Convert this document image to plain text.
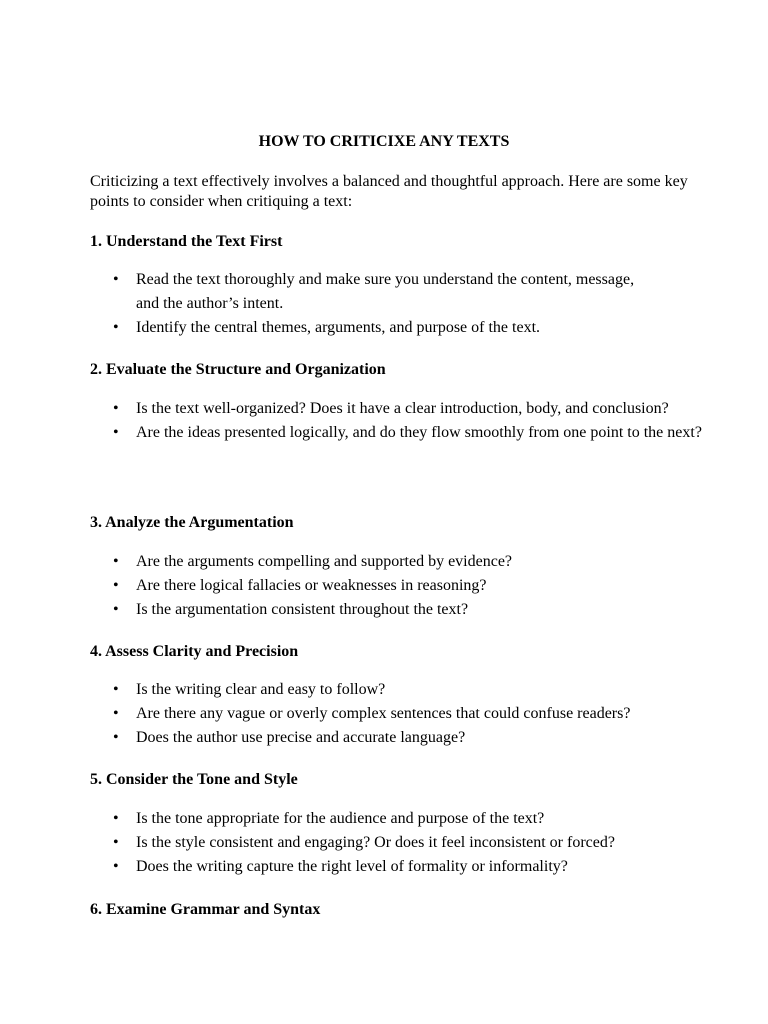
HOW TO CRITICIXE ANY TEXTS

Criticizing a text effectively involves a balanced and thoughtful approach. Here are some key points to consider when critiquing a text:

1. Understand the Text First
• Read the text thoroughly and make sure you understand the content, message, and the author’s intent.
• Identify the central themes, arguments, and purpose of the text.
2. Evaluate the Structure and Organization
• Is the text well-organized? Does it have a clear introduction, body, and conclusion?
• Are the ideas presented logically, and do they flow smoothly from one point to the next?
3. Analyze the Argumentation
• Are the arguments compelling and supported by evidence?
• Are there logical fallacies or weaknesses in reasoning?
• Is the argumentation consistent throughout the text?
4. Assess Clarity and Precision
• Is the writing clear and easy to follow?
• Are there any vague or overly complex sentences that could confuse readers?
• Does the author use precise and accurate language?
5. Consider the Tone and Style
• Is the tone appropriate for the audience and purpose of the text?
• Is the style consistent and engaging? Or does it feel inconsistent or forced?
• Does the writing capture the right level of formality or informality?
6. Examine Grammar and Syntax
